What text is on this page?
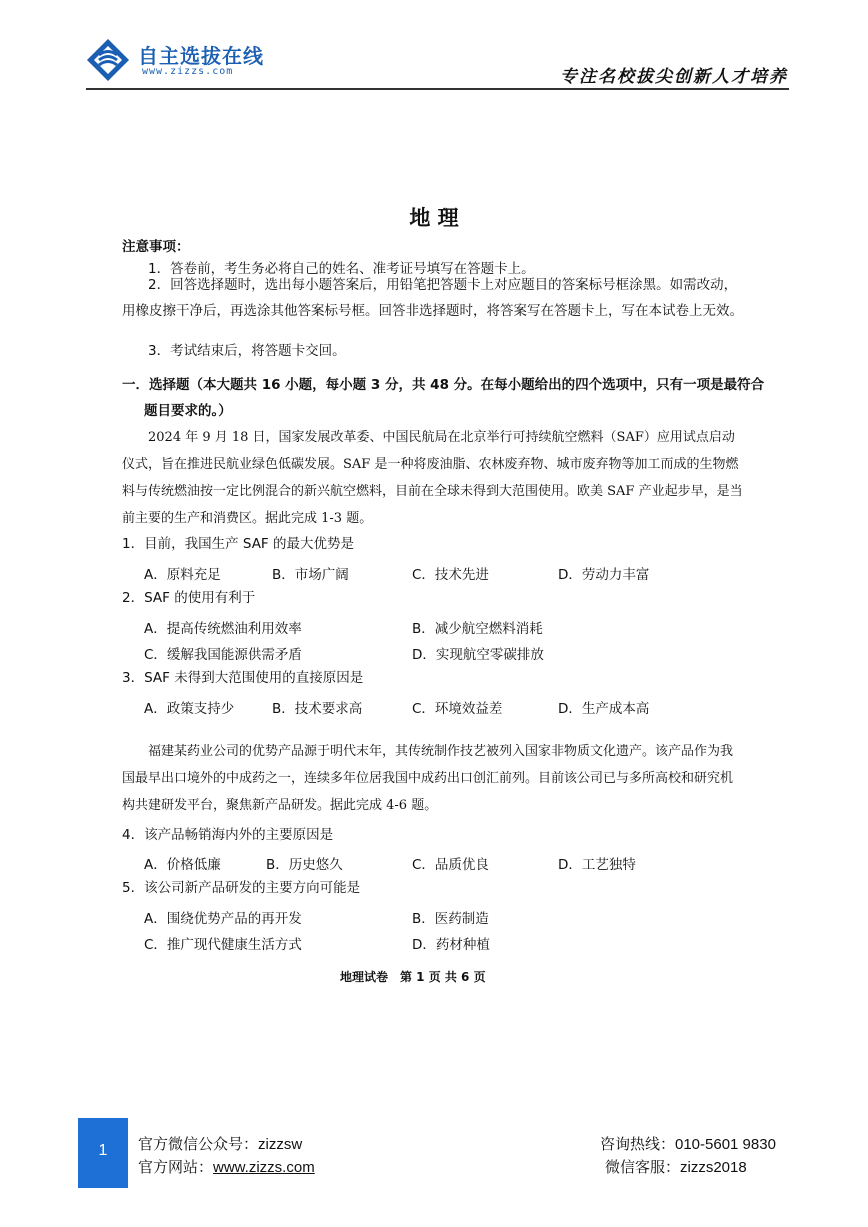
自主选拔在线
www.zizzs.com	专注名校拔尖创新人才培养
地 理
注意事项：
1．答卷前，考生务必将自己的姓名、准考证号填写在答题卡上。
2．回答选择题时，选出每小题答案后，用铅笔把答题卡上对应题目的答案标号框涂黑。如需改动，用橡皮擦干净后，再选涂其他答案标号框。回答非选择题时，将答案写在答题卡上，写在本试卷上无效。
3．考试结束后，将答题卡交回。
一．选择题（本大题共 16 小题，每小题 3 分，共 48 分。在每小题给出的四个选项中，只有一项是最符合题目要求的。）
2024 年 9 月 18 日，国家发展改革委、中国民航局在北京举行可持续航空燃料（SAF）应用试点启动仪式，旨在推进民航业绿色低碳发展。SAF 是一种将废油脂、农林废弃物、城市废弃物等加工而成的生物燃料与传统燃油按一定比例混合的新兴航空燃料，目前在全球未得到大范围使用。欧美 SAF 产业起步早，是当前主要的生产和消费区。据此完成 1-3 题。
1．目前，我国生产 SAF 的最大优势是
A．原料充足	B．市场广阔	C．技术先进	D．劳动力丰富
2．SAF 的使用有利于
A．提高传统燃油利用效率	B．减少航空燃料消耗
C．缓解我国能源供需矛盾	D．实现航空零碳排放
3．SAF 未得到大范围使用的直接原因是
A．政策支持少	B．技术要求高	C．环境效益差	D．生产成本高
福建某药业公司的优势产品源于明代末年，其传统制作技艺被列入国家非物质文化遗产。该产品作为我国最早出口境外的中成药之一，连续多年位居我国中成药出口创汇前列。目前该公司已与多所高校和研究机构共建研发平台，聚焦新产品研发。据此完成 4-6 题。
4．该产品畅销海内外的主要原因是
A．价格低廉	B．历史悠久	C．品质优良	D．工艺独特
5．该公司新产品研发的主要方向可能是
A．围绕优势产品的再开发	B．医药制造
C．推广现代健康生活方式	D．药材种植
地理试卷　第 1 页 共 6 页
1	官方微信公众号：zizzsw
官方网站：www.zizzs.com
咨询热线：010-5601 9830
微信客服：zizzs2018
